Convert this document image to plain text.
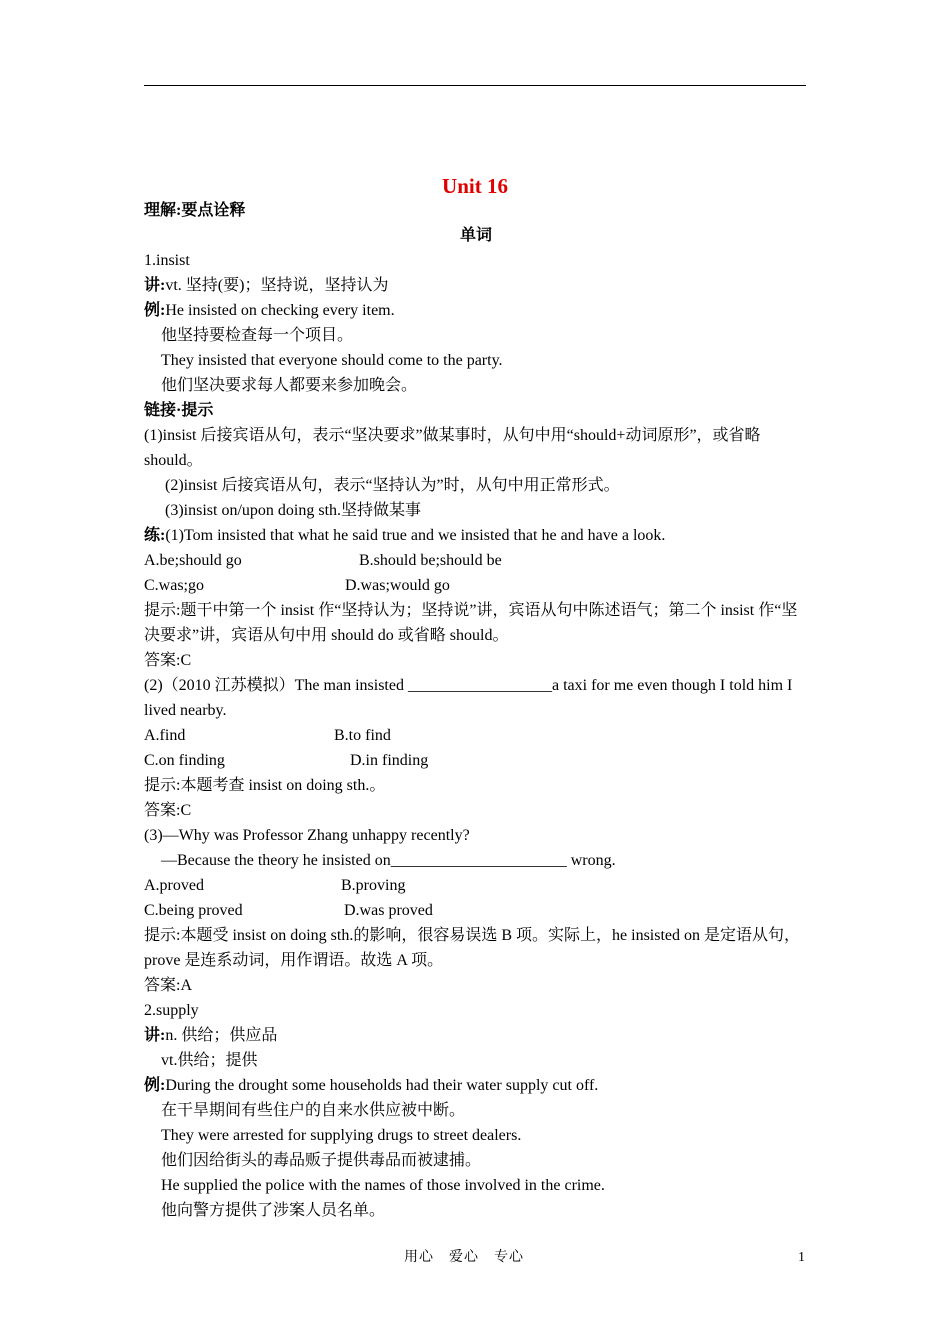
Unit 16

理解:要点诠释

单词

1.insist

讲:vt. 坚持(要)；坚持说，坚持认为

例:He insisted on checking every item.

他坚持要检查每一个项目。

They insisted that everyone should come to the party.

他们坚决要求每人都要来参加晚会。

链接·提示

(1)insist 后接宾语从句，表示“坚决要求”做某事时，从句中用“should+动词原形”，或省略 should。

(2)insist 后接宾语从句，表示“坚持认为”时，从句中用正常形式。

(3)insist on/upon doing sth.坚持做某事

练:(1)Tom insisted that what he said true and we insisted that he and have a look.

A.be;should go	B.should be;should be
C.was;go	D.was;would go

提示:题干中第一个 insist 作“坚持认为；坚持说”讲，宾语从句中陈述语气；第二个 insist 作“坚决要求”讲，宾语从句中用 should do 或省略 should。

答案:C

(2)（2010 江苏模拟）The man insisted __________________a taxi for me even though I told him I lived nearby.

A.find	B.to find
C.on finding	D.in finding

提示:本题考查 insist on doing sth.。

答案:C

(3)—Why was Professor Zhang unhappy recently?

—Because the theory he insisted on______________________ wrong.

A.proved	B.proving
C.being proved	D.was proved

提示:本题受 insist on doing sth.的影响，很容易误选 B 项。实际上，he insisted on 是定语从句，prove 是连系动词，用作谓语。故选 A 项。

答案:A

2.supply

讲:n. 供给；供应品

vt.供给；提供

例:During the drought some households had their water supply cut off.

在干旱期间有些住户的自来水供应被中断。

They were arrested for supplying drugs to street dealers.

他们因给街头的毒品贩子提供毒品而被逮捕。

He supplied the police with the names of those involved in the crime.

他向警方提供了涉案人员名单。

用心　爱心　专心	1
